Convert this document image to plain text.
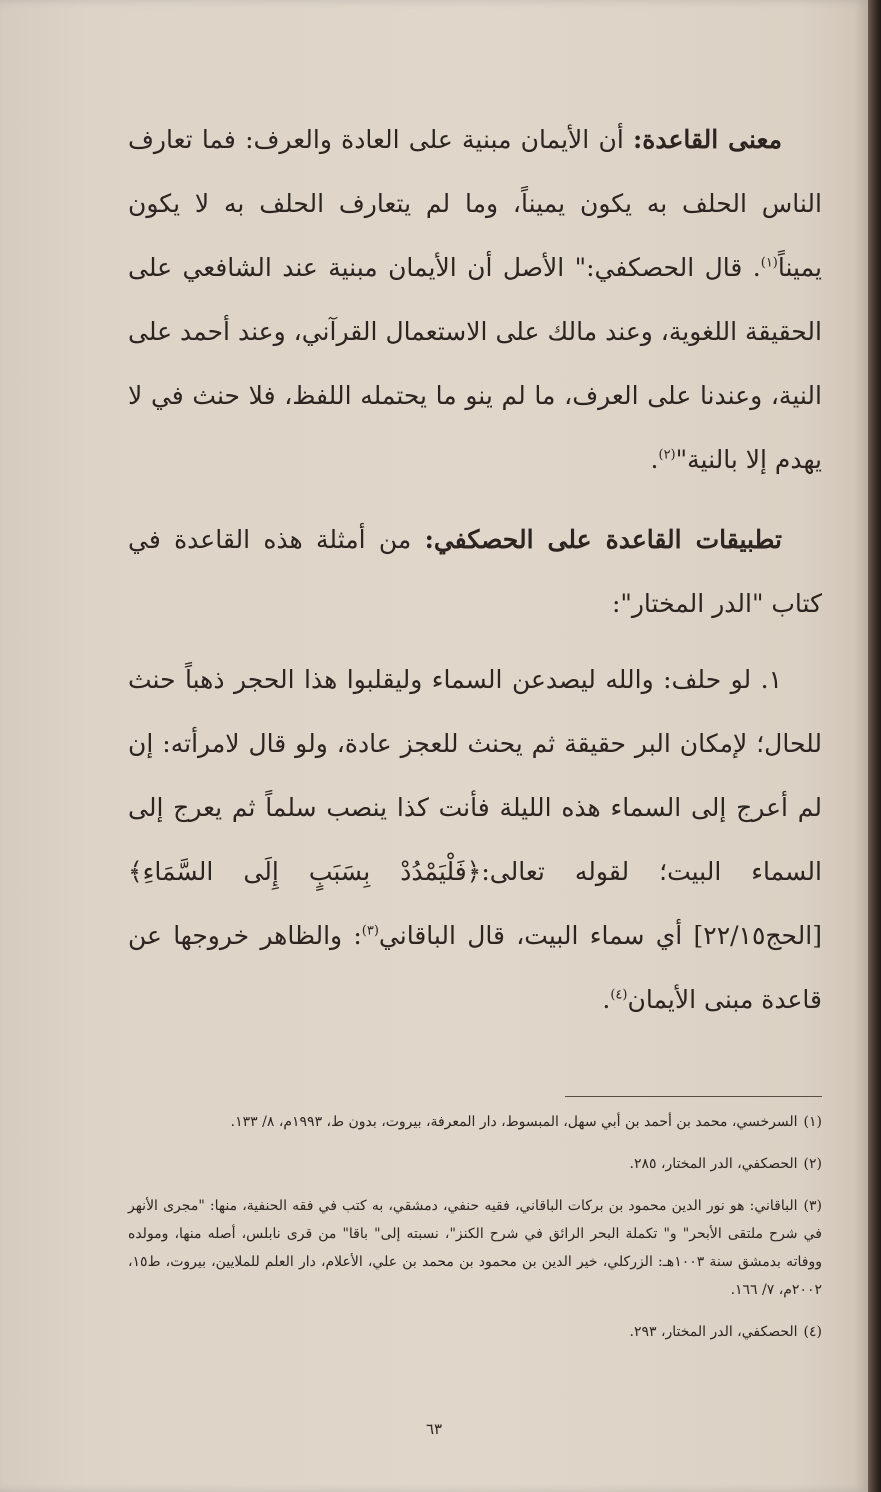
معنى القاعدة: أن الأيمان مبنية على العادة والعرف: فما تعارف الناس الحلف به يكون يميناً، وما لم يتعارف الحلف به لا يكون يميناً$^{(١)}$. قال الحصكفي:" الأصل أن الأيمان مبنية عند الشافعي على الحقيقة اللغوية، وعند مالك على الاستعمال القرآني، وعند أحمد على النية، وعندنا على العرف، ما لم ينو ما يحتمله اللفظ، فلا حنث في لا يهدم إلا بالنية"$^{(٢)}$.

تطبيقات القاعدة على الحصكفي: من أمثلة هذه القاعدة في كتاب "الدر المختار":

١. لو حلف: والله ليصدعن السماء وليقلبوا هذا الحجر ذهباً حنث للحال؛ لإمكان البر حقيقة ثم يحنث للعجز عادة، ولو قال لامرأته: إن لم أعرج إلى السماء هذه الليلة فأنت كذا ينصب سلماً ثم يعرج إلى السماء البيت؛ لقوله تعالى:﴿فَلْيَمْدُدْ بِسَبَبٍ إِلَى السَّمَاءِ﴾ [الحج٢٢/١٥] أي سماء البيت، قال الباقاني$^{(٣)}$: والظاهر خروجها عن قاعدة مبنى الأيمان$^{(٤)}$.

(١)السرخسي، محمد بن أحمد بن أبي سهل، المبسوط، دار المعرفة، بيروت، بدون ط، ١٩٩٣م، ٨/ ١٣٣.
(٢)الحصكفي، الدر المختار، ٢٨٥.
(٣)الباقاني: هو نور الدين محمود بن بركات الباقاني، فقيه حنفي، دمشقي، به كتب في فقه الحنفية، منها: "مجرى الأنهر في شرح ملتقى الأبحر" و" تكملة البحر الرائق في شرح الكنز"، نسبته إلى" باقا" من قرى نابلس، أصله منها، ومولده ووفاته بدمشق سنة ١٠٠٣هـ: الزركلي، خير الدين بن محمود بن محمد بن علي، الأعلام، دار العلم للملايين، بيروت، ط١٥، ٢٠٠٢م، ٧/ ١٦٦.
(٤)الحصكفي، الدر المختار، ٢٩٣.
٦٣
